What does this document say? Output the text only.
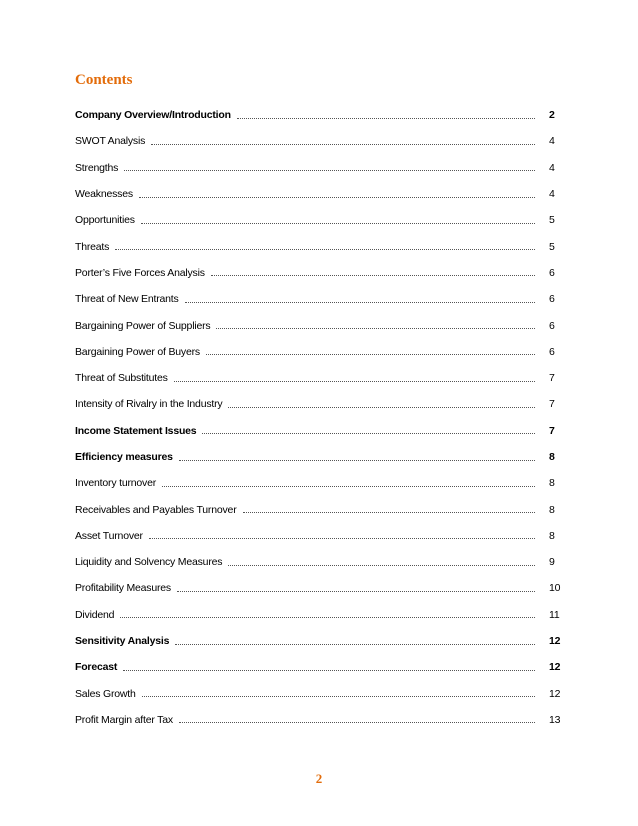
Contents
Company Overview/Introduction	2
SWOT Analysis	4
Strengths	4
Weaknesses	4
Opportunities	5
Threats	5
Porter’s Five Forces Analysis	6
Threat of New Entrants	6
Bargaining Power of Suppliers	6
Bargaining Power of Buyers	6
Threat of Substitutes	7
Intensity of Rivalry in the Industry	7
Income Statement Issues	7
Efficiency measures	8
Inventory turnover	8
Receivables and Payables Turnover	8
Asset Turnover	8
Liquidity and Solvency Measures	9
Profitability Measures	10
Dividend	11
Sensitivity Analysis	12
Forecast	12
Sales Growth	12
Profit Margin after Tax	13
2
